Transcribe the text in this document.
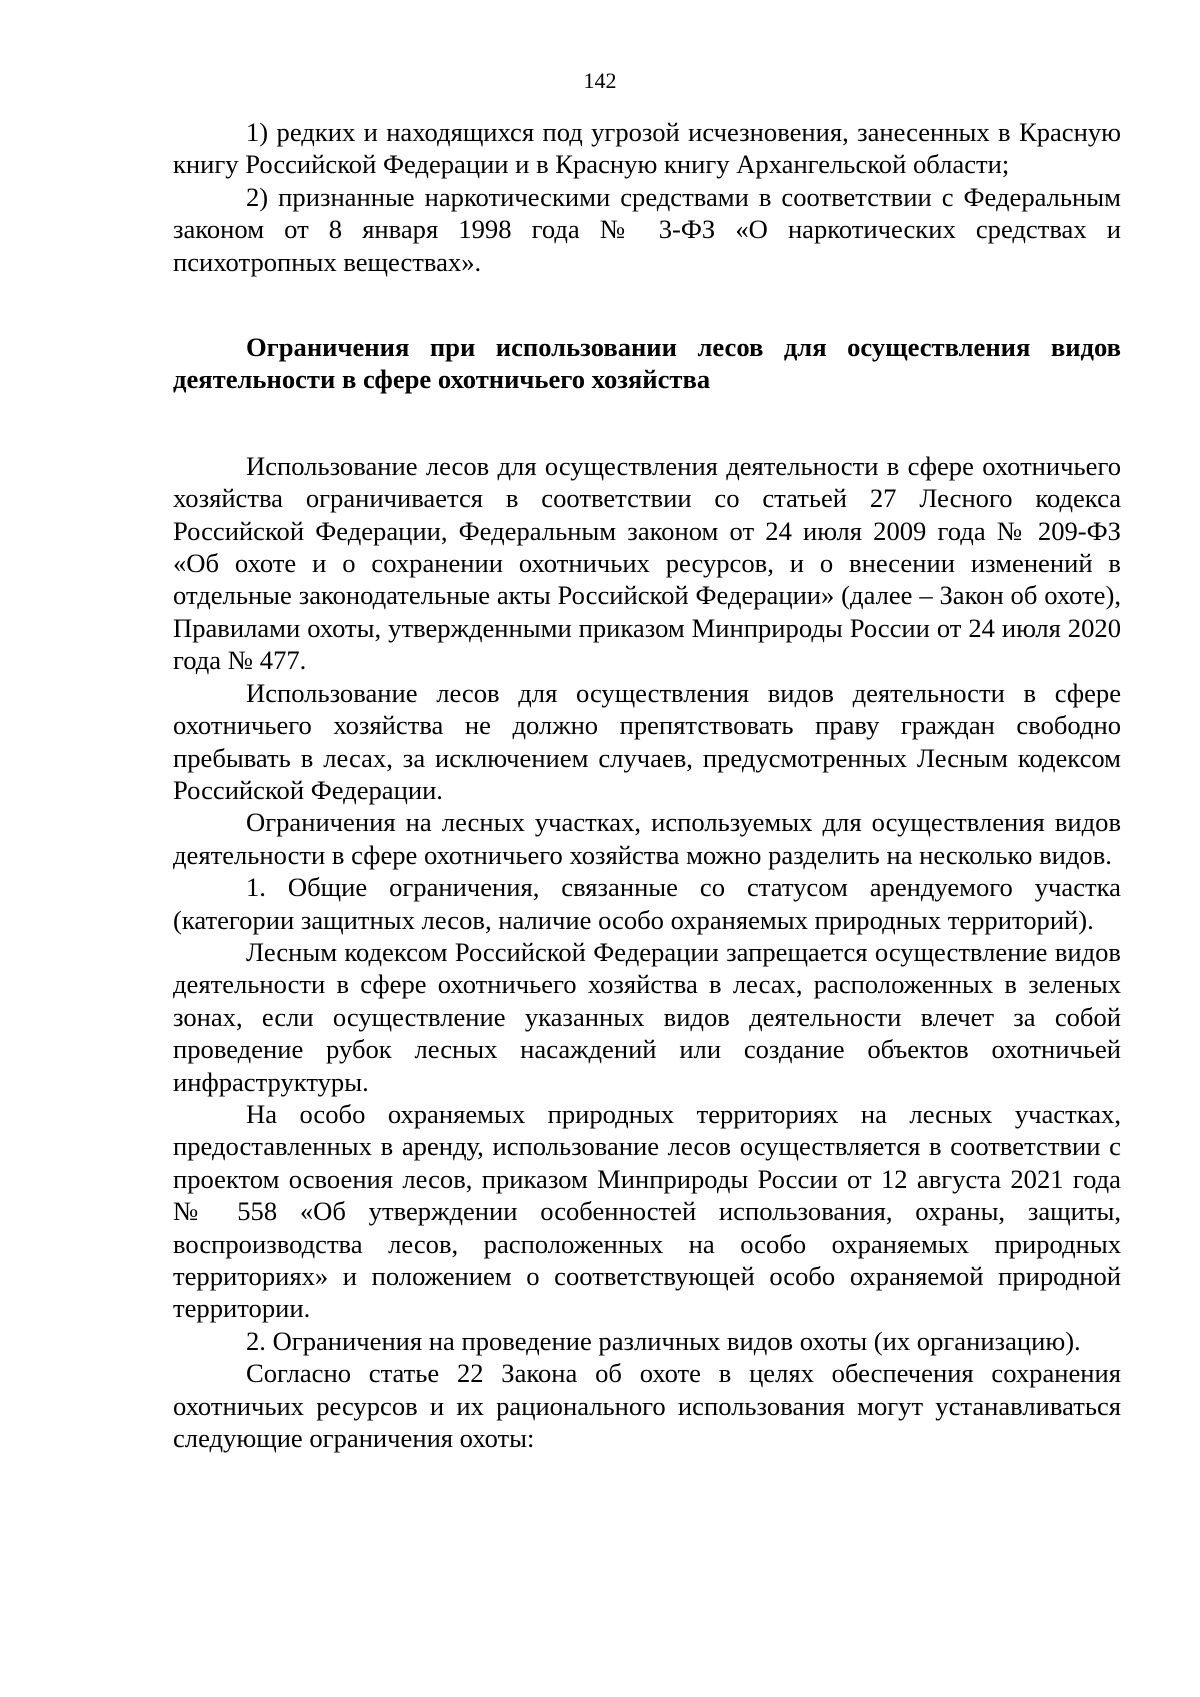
142

1) редких и находящихся под угрозой исчезновения, занесенных в Красную книгу Российской Федерации и в Красную книгу Архангельской области;

2) признанные наркотическими средствами в соответствии с Федеральным законом от 8 января 1998 года № 3-ФЗ «О наркотических средствах и психотропных веществах».

Ограничения при использовании лесов для осуществления видов деятельности в сфере охотничьего хозяйства

Использование лесов для осуществления деятельности в сфере охотничьего хозяйства ограничивается в соответствии со статьей 27 Лесного кодекса Российской Федерации, Федеральным законом от 24 июля 2009 года № 209-ФЗ «Об охоте и о сохранении охотничьих ресурсов, и о внесении изменений в отдельные законодательные акты Российской Федерации» (далее – Закон об охоте), Правилами охоты, утвержденными приказом Минприроды России от 24 июля 2020 года № 477.

Использование лесов для осуществления видов деятельности в сфере охотничьего хозяйства не должно препятствовать праву граждан свободно пребывать в лесах, за исключением случаев, предусмотренных Лесным кодексом Российской Федерации.

Ограничения на лесных участках, используемых для осуществления видов деятельности в сфере охотничьего хозяйства можно разделить на несколько видов.

1. Общие ограничения, связанные со статусом арендуемого участка (категории защитных лесов, наличие особо охраняемых природных территорий).

Лесным кодексом Российской Федерации запрещается осуществление видов деятельности в сфере охотничьего хозяйства в лесах, расположенных в зеленых зонах, если осуществление указанных видов деятельности влечет за собой проведение рубок лесных насаждений или создание объектов охотничьей инфраструктуры.

На особо охраняемых природных территориях на лесных участках, предоставленных в аренду, использование лесов осуществляется в соответствии с проектом освоения лесов, приказом Минприроды России от 12 августа 2021 года № 558 «Об утверждении особенностей использования, охраны, защиты, воспроизводства лесов, расположенных на особо охраняемых природных территориях» и положением о соответствующей особо охраняемой природной территории.

2. Ограничения на проведение различных видов охоты (их организацию).

Согласно статье 22 Закона об охоте в целях обеспечения сохранения охотничьих ресурсов и их рационального использования могут устанавливаться следующие ограничения охоты:
